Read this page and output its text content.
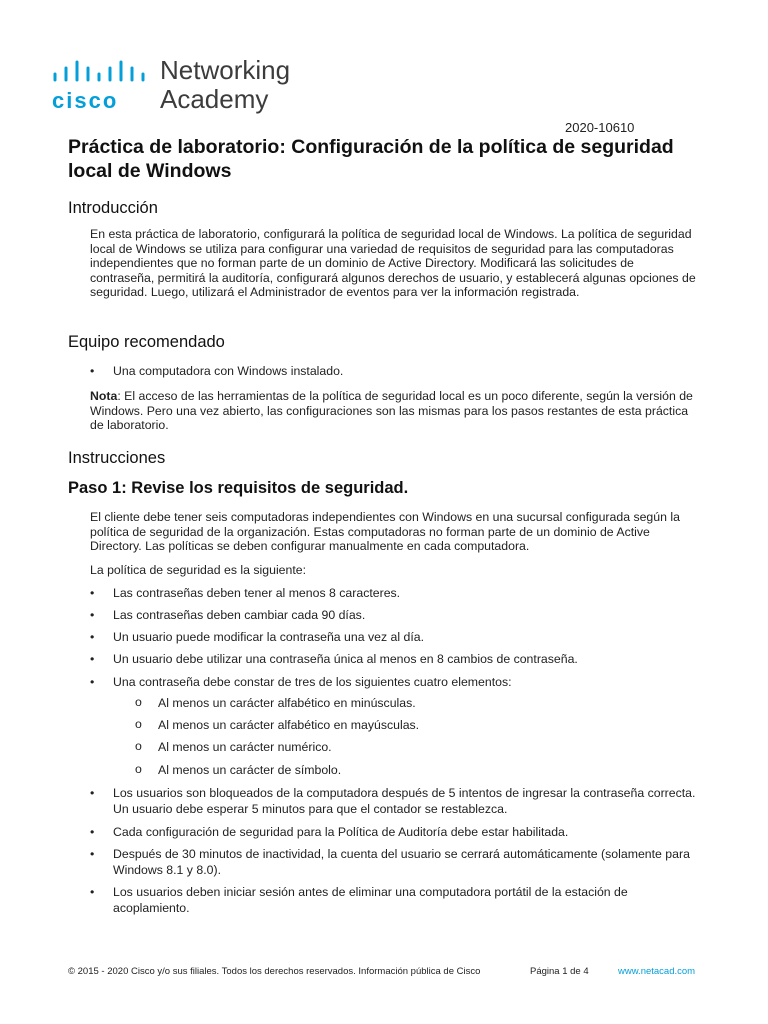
cisco
Networking
Academy
2020-10610
Práctica de laboratorio: Configuración de la política de seguridad local de Windows
Introducción

En esta práctica de laboratorio, configurará la política de seguridad local de Windows. La política de seguridad local de Windows se utiliza para configurar una variedad de requisitos de seguridad para las computadoras independientes que no forman parte de un dominio de Active Directory. Modificará las solicitudes de contraseña, permitirá la auditoría, configurará algunos derechos de usuario, y establecerá algunas opciones de seguridad. Luego, utilizará el Administrador de eventos para ver la información registrada.

Equipo recomendado
• Una computadora con Windows instalado.

Nota: El acceso de las herramientas de la política de seguridad local es un poco diferente, según la versión de Windows. Pero una vez abierto, las configuraciones son las mismas para los pasos restantes de esta práctica de laboratorio.

Instrucciones
Paso 1: Revise los requisitos de seguridad.

El cliente debe tener seis computadoras independientes con Windows en una sucursal configurada según la política de seguridad de la organización. Estas computadoras no forman parte de un dominio de Active Directory. Las políticas se deben configurar manualmente en cada computadora.

La política de seguridad es la siguiente:

• Las contraseñas deben tener al menos 8 caracteres.
• Las contraseñas deben cambiar cada 90 días.
• Un usuario puede modificar la contraseña una vez al día.
• Un usuario debe utilizar una contraseña única al menos en 8 cambios de contraseña.
• Una contraseña debe constar de tres de los siguientes cuatro elementos:
o Al menos un carácter alfabético en minúsculas.
o Al menos un carácter alfabético en mayúsculas.
o Al menos un carácter numérico.
o Al menos un carácter de símbolo.
• Los usuarios son bloqueados de la computadora después de 5 intentos de ingresar la contraseña correcta. Un usuario debe esperar 5 minutos para que el contador se restablezca.
• Cada configuración de seguridad para la Política de Auditoría debe estar habilitada.
• Después de 30 minutos de inactividad, la cuenta del usuario se cerrará automáticamente (solamente para Windows 8.1 y 8.0).
• Los usuarios deben iniciar sesión antes de eliminar una computadora portátil de la estación de acoplamiento.
© 2015 - 2020 Cisco y/o sus filiales. Todos los derechos reservados. Información pública de Cisco	Página 1 de 4	www.netacad.com
